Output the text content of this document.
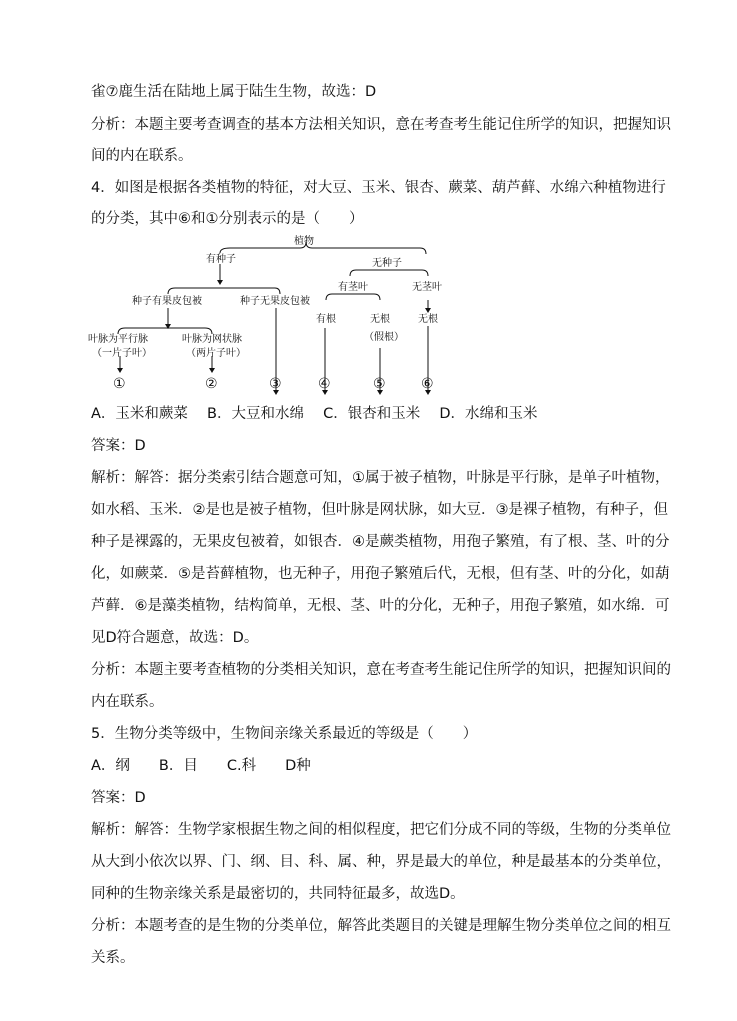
雀⑦鹿生活在陆地上属于陆生生物，故选：D
分析：本题主要考查调查的基本方法相关知识，意在考查考生能记住所学的知识，把握知识
间的内在联系。
4．如图是根据各类植物的特征，对大豆、玉米、银杏、蕨菜、葫芦藓、水绵六种植物进行
的分类，其中⑥和①分别表示的是（　　）
植物
有种子	无种子
种子有果皮包被	种子无果皮包被
有茎叶	无茎叶
有根	无根
（假根）
无根
叶脉为平行脉
（一片子叶）
叶脉为网状脉
（两片子叶）
①	②	③	④	⑤	⑥
A．玉米和蕨菜　 B．大豆和水绵　 C．银杏和玉米　 D．水绵和玉米
答案：D
解析：解答：据分类索引结合题意可知，①属于被子植物，叶脉是平行脉，是单子叶植物，
如水稻、玉米．②是也是被子植物，但叶脉是网状脉，如大豆．③是裸子植物，有种子，但
种子是裸露的，无果皮包被着，如银杏．④是蕨类植物，用孢子繁殖，有了根、茎、叶的分
化，如蕨菜．⑤是苔藓植物，也无种子，用孢子繁殖后代，无根，但有茎、叶的分化，如葫
芦藓．⑥是藻类植物，结构简单，无根、茎、叶的分化，无种子，用孢子繁殖，如水绵．可
见D符合题意，故选：D。
分析：本题主要考查植物的分类相关知识，意在考查考生能记住所学的知识，把握知识间的
内在联系。
5．生物分类等级中，生物间亲缘关系最近的等级是（　　）
A．纲　　B．目　　C.科　　D种
答案：D
解析：解答：生物学家根据生物之间的相似程度，把它们分成不同的等级，生物的分类单位
从大到小依次以界、门、纲、目、科、属、种，界是最大的单位，种是最基本的分类单位，
同种的生物亲缘关系是最密切的，共同特征最多，故选D。
分析：本题考查的是生物的分类单位，解答此类题目的关键是理解生物分类单位之间的相互
关系。
